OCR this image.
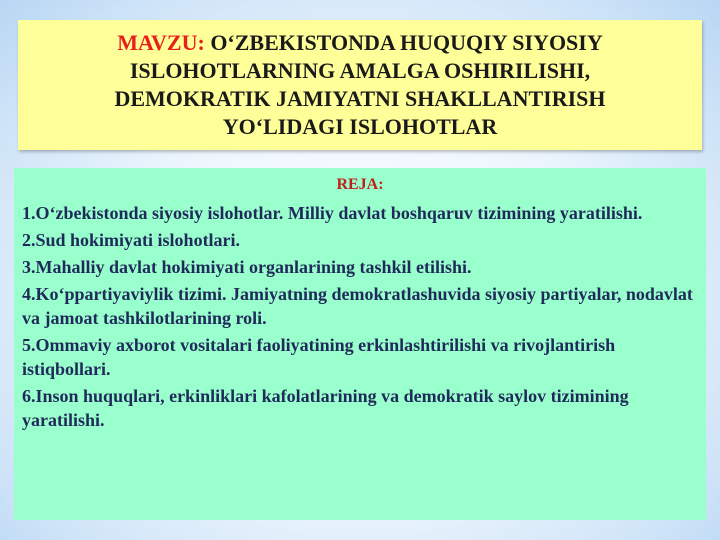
MAVZU: O‘ZBEKISTONDA HUQUQIY SIYOSIY
ISLOHOTLARNING AMALGA OSHIRILISHI,
DEMOKRATIK JAMIYATNI SHAKLLANTIRISH
YO‘LIDAGI ISLOHOTLAR

REJA:

1.O‘zbekistonda siyosiy islohotlar. Milliy davlat boshqaruv tizimining yaratilishi.

2.Sud hokimiyati islohotlari.

3.Mahalliy davlat hokimiyati organlarining tashkil etilishi.

4.Ko‘ppartiyaviylik tizimi. Jamiyatning demokratlashuvida siyosiy partiyalar, nodavlat va jamoat tashkilotlarining roli.

5.Ommaviy axborot vositalari faoliyatining erkinlashtirilishi va rivojlantirish istiqbollari.

6.Inson huquqlari, erkinliklari kafolatlarining va demokratik saylov tizimining yaratilishi.
